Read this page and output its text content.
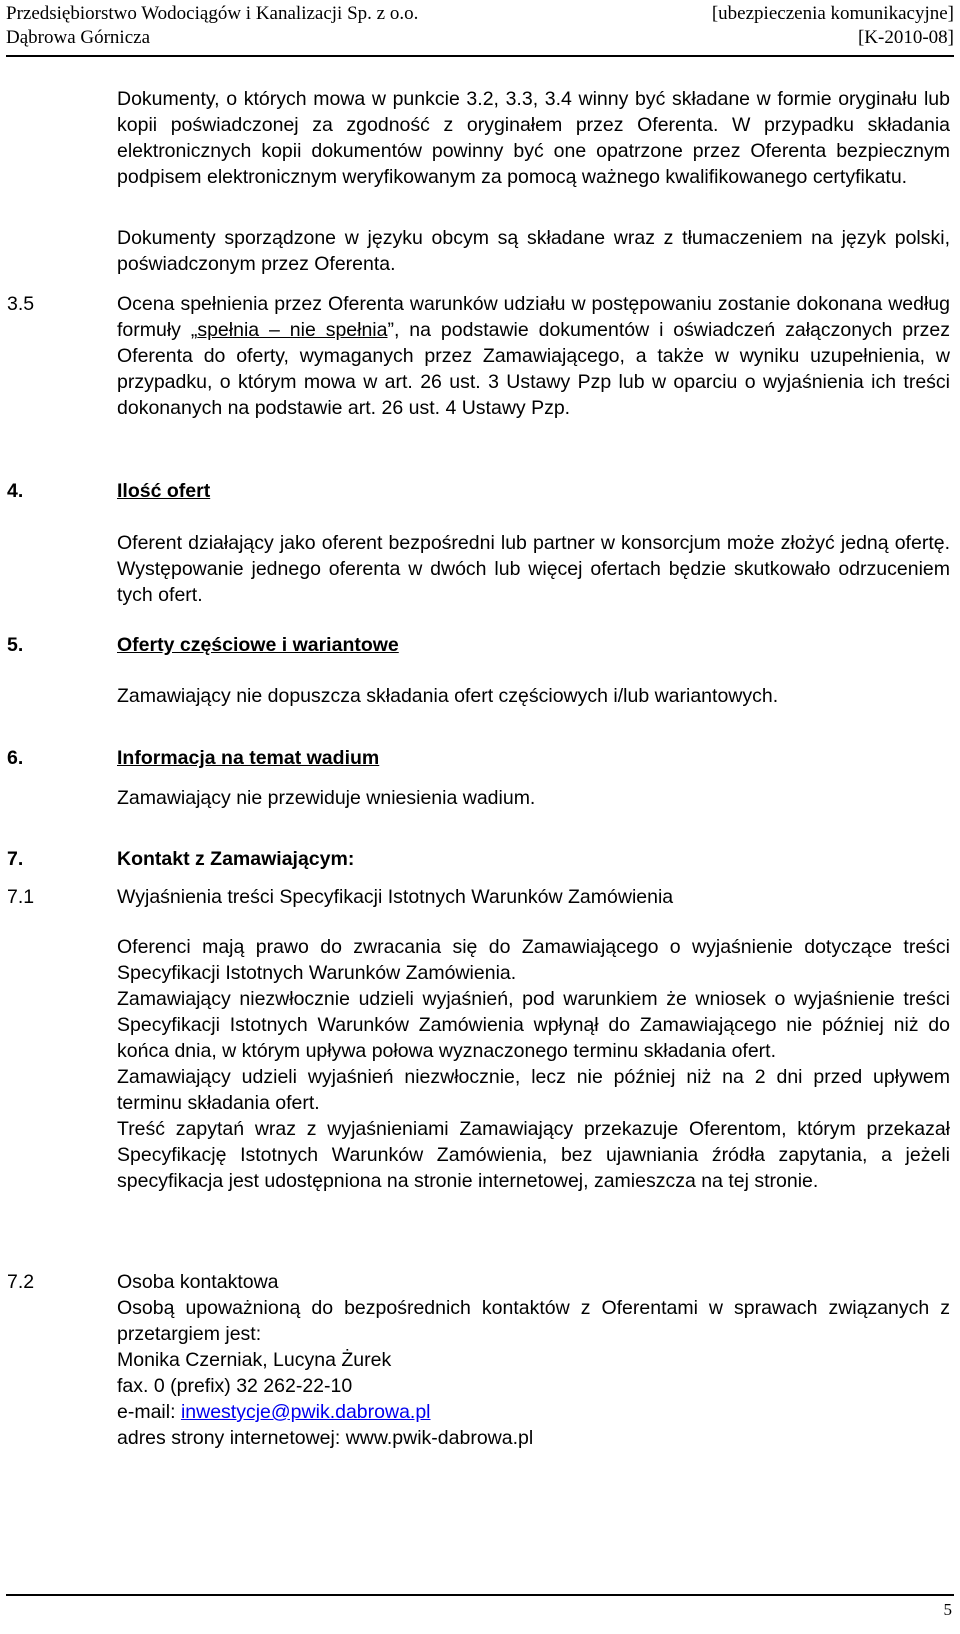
Przedsiębiorstwo Wodociągów i Kanalizacji Sp. z o.o.	[ubezpieczenia komunikacyjne]
Dąbrowa Górnicza	[K-2010-08]

Dokumenty, o których mowa w punkcie 3.2, 3.3, 3.4 winny być składane w formie oryginału lub kopii poświadczonej za zgodność z oryginałem przez Oferenta. W przypadku składania elektronicznych kopii dokumentów powinny być one opatrzone przez Oferenta bezpiecznym podpisem elektronicznym weryfikowanym za pomocą ważnego kwalifikowanego certyfikatu.

Dokumenty sporządzone w języku obcym są składane wraz z tłumaczeniem na język polski, poświadczonym przez Oferenta.

3.5	Ocena spełnienia przez Oferenta warunków udziału w postępowaniu zostanie dokonana według formuły „spełnia – nie spełnia”, na podstawie dokumentów i oświadczeń załączonych przez Oferenta do oferty, wymaganych przez Zamawiającego, a także w wyniku uzupełnienia, w przypadku, o którym mowa w art. 26 ust. 3 Ustawy Pzp lub w oparciu o wyjaśnienia ich treści dokonanych na podstawie art. 26 ust. 4 Ustawy Pzp.

4.	Ilość ofert

Oferent działający jako oferent bezpośredni lub partner w konsorcjum może złożyć jedną ofertę. Występowanie jednego oferenta w dwóch lub więcej ofertach będzie skutkowało odrzuceniem tych ofert.

5.	Oferty częściowe i wariantowe

Zamawiający nie dopuszcza składania ofert częściowych i/lub wariantowych.

6.	Informacja na temat wadium

Zamawiający nie przewiduje wniesienia wadium.

7.	Kontakt z Zamawiającym:
7.1	Wyjaśnienia treści Specyfikacji Istotnych Warunków Zamówienia

Oferenci mają prawo do zwracania się do Zamawiającego o wyjaśnienie dotyczące treści Specyfikacji Istotnych Warunków Zamówienia.

Zamawiający niezwłocznie udzieli wyjaśnień, pod warunkiem że wniosek o wyjaśnienie treści Specyfikacji Istotnych Warunków Zamówienia wpłynął do Zamawiającego nie później niż do końca dnia, w którym upływa połowa wyznaczonego terminu składania ofert.

Zamawiający udzieli wyjaśnień niezwłocznie, lecz nie później niż na 2 dni przed upływem terminu składania ofert.

Treść zapytań wraz z wyjaśnieniami Zamawiający przekazuje Oferentom, którym przekazał Specyfikację Istotnych Warunków Zamówienia, bez ujawniania źródła zapytania, a jeżeli specyfikacja jest udostępniona na stronie internetowej, zamieszcza na tej stronie.

7.2	Osoba kontaktowa

Osobą upoważnioną do bezpośrednich kontaktów z Oferentami w sprawach związanych z przetargiem jest:

Monika Czerniak, Lucyna Żurek

fax. 0 (prefix) 32 262-22-10

e-mail: inwestycje@pwik.dabrowa.pl

adres strony internetowej: www.pwik-dabrowa.pl

5
